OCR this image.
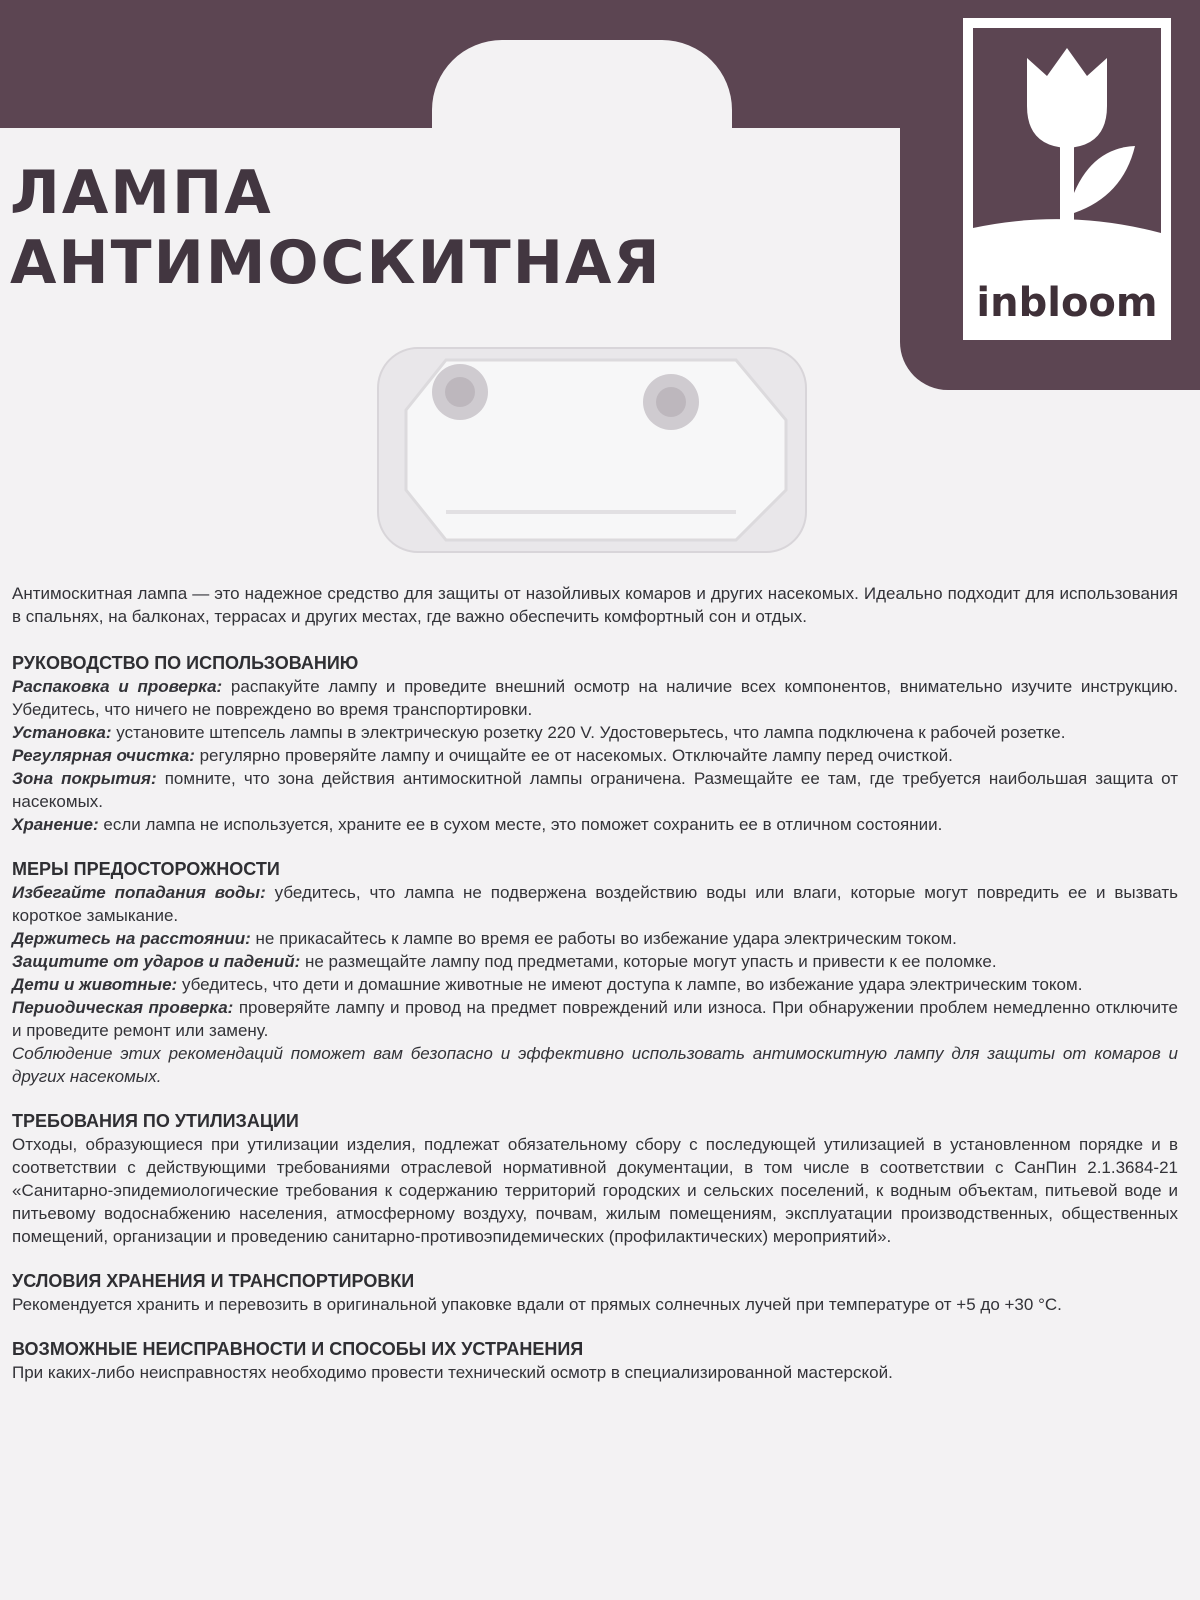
inbloom
ЛАМПА
АНТИМОСКИТНАЯ

Антимоскитная лампа — это надежное средство для защиты от назойливых комаров и других насекомых. Идеально подходит для использования в спальнях, на балконах, террасах и других местах, где важно обеспечить комфортный сон и отдых.

РУКОВОДСТВО ПО ИСПОЛЬЗОВАНИЮ

Распаковка и проверка: распакуйте лампу и проведите внешний осмотр на наличие всех компонентов, внимательно изучите инструкцию. Убедитесь, что ничего не повреждено во время транспортировки.

Установка: установите штепсель лампы в электрическую розетку 220 V. Удостоверьтесь, что лампа подключена к рабочей розетке.

Регулярная очистка: регулярно проверяйте лампу и очищайте ее от насекомых. Отключайте лампу перед очисткой.

Зона покрытия: помните, что зона действия антимоскитной лампы ограничена. Размещайте ее там, где требуется наибольшая защита от насекомых.

Хранение: если лампа не используется, храните ее в сухом месте, это поможет сохранить ее в отличном состоянии.

МЕРЫ ПРЕДОСТОРОЖНОСТИ

Избегайте попадания воды: убедитесь, что лампа не подвержена воздействию воды или влаги, которые могут повредить ее и вызвать короткое замыкание.

Держитесь на расстоянии: не прикасайтесь к лампе во время ее работы во избежание удара электрическим током.

Защитите от ударов и падений: не размещайте лампу под предметами, которые могут упасть и привести к ее поломке.

Дети и животные: убедитесь, что дети и домашние животные не имеют доступа к лампе, во избежание удара электрическим током.

Периодическая проверка: проверяйте лампу и провод на предмет повреждений или износа. При обнаружении проблем немедленно отключите и проведите ремонт или замену.

Соблюдение этих рекомендаций поможет вам безопасно и эффективно использовать антимоскитную лампу для защиты от комаров и других насекомых.

ТРЕБОВАНИЯ ПО УТИЛИЗАЦИИ

Отходы, образующиеся при утилизации изделия, подлежат обязательному сбору с последующей утилизацией в установленном порядке и в соответствии с действующими требованиями отраслевой нормативной документации, в том числе в соответствии с СанПин 2.1.3684-21 «Санитарно-эпидемиологические требования к содержанию территорий городских и сельских поселений, к водным объектам, питьевой воде и питьевому водоснабжению населения, атмосферному воздуху, почвам, жилым помещениям, эксплуатации производственных, общественных помещений, организации и проведению санитарно-противоэпидемических (профилактических) мероприятий».

УСЛОВИЯ ХРАНЕНИЯ И ТРАНСПОРТИРОВКИ

Рекомендуется хранить и перевозить в оригинальной упаковке вдали от прямых солнечных лучей при температуре от +5 до +30 °С.

ВОЗМОЖНЫЕ НЕИСПРАВНОСТИ И СПОСОБЫ ИХ УСТРАНЕНИЯ

При каких-либо неисправностях необходимо провести технический осмотр в специализированной мастерской.
